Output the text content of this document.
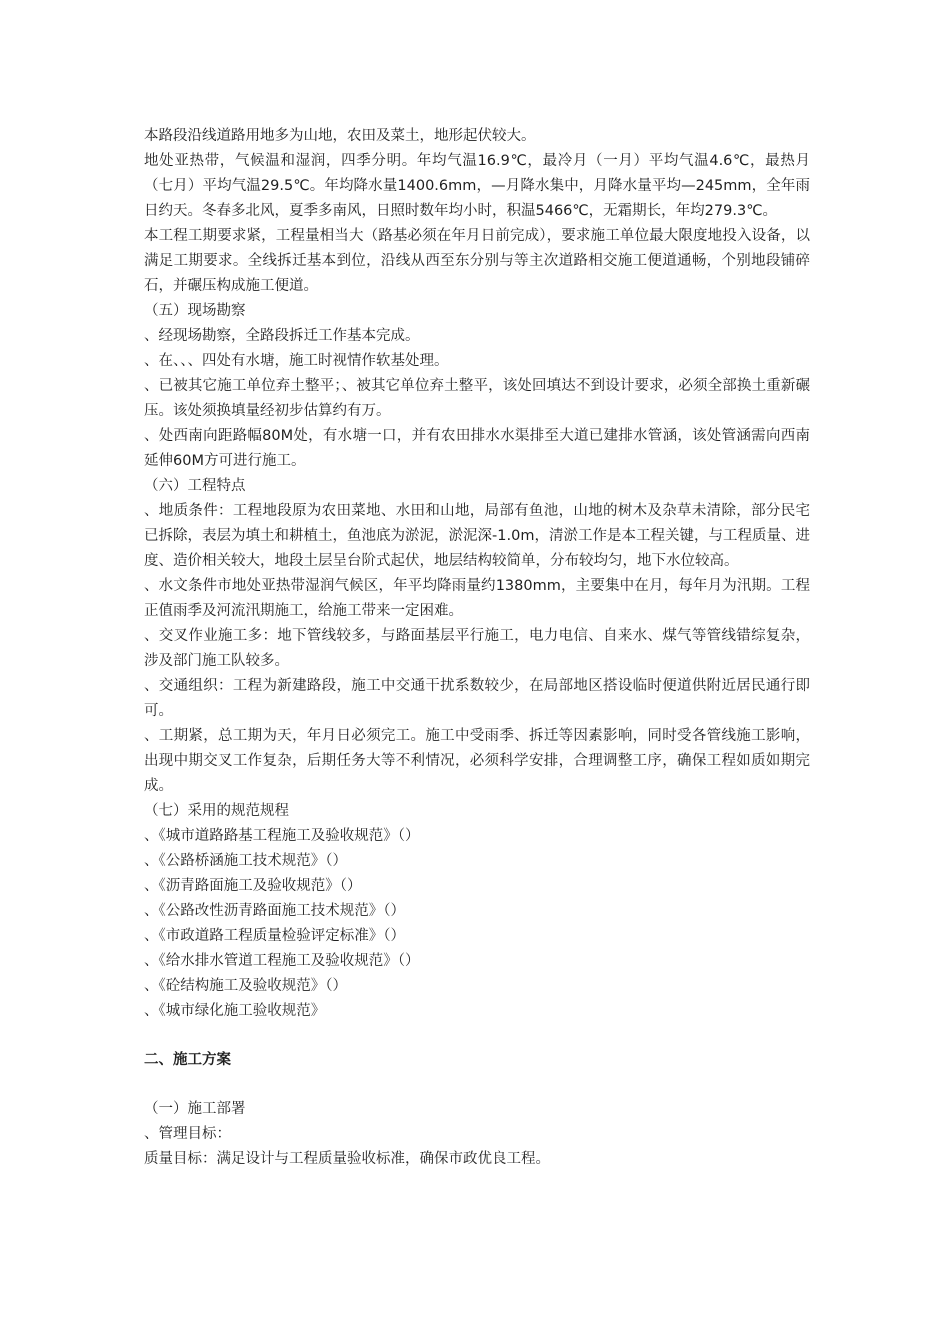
本路段沿线道路用地多为山地，农田及菜土，地形起伏较大。

地处亚热带，气候温和湿润，四季分明。年均气温16.9℃，最冷月（一月）平均气温4.6℃，最热月（七月）平均气温29.5℃。年均降水量1400.6mm，—月降水集中，月降水量平均—245mm，全年雨日约天。冬春多北风，夏季多南风，日照时数年均小时，积温5466℃，无霜期长，年均279.3℃。

本工程工期要求紧，工程量相当大（路基必须在年月日前完成），要求施工单位最大限度地投入设备，以满足工期要求。全线拆迁基本到位，沿线从西至东分别与等主次道路相交施工便道通畅，个别地段铺碎石，并碾压构成施工便道。

（五）现场勘察

、经现场勘察，全路段拆迁工作基本完成。

、在、、、四处有水塘，施工时视情作软基处理。

、已被其它施工单位弃土整平；、被其它单位弃土整平，该处回填达不到设计要求，必须全部换土重新碾压。该处须换填量经初步估算约有万。

、处西南向距路幅80M处，有水塘一口，并有农田排水水渠排至大道已建排水管涵，该处管涵需向西南延伸60M方可进行施工。

（六）工程特点

、地质条件：工程地段原为农田菜地、水田和山地，局部有鱼池，山地的树木及杂草未清除，部分民宅已拆除，表层为填土和耕植土，鱼池底为淤泥，淤泥深-1.0m，清淤工作是本工程关键，与工程质量、进度、造价相关较大，地段土层呈台阶式起伏，地层结构较简单，分布较均匀，地下水位较高。

、水文条件市地处亚热带湿润气候区，年平均降雨量约1380mm，主要集中在月，每年月为汛期。工程正值雨季及河流汛期施工，给施工带来一定困难。

、交叉作业施工多：地下管线较多，与路面基层平行施工，电力电信、自来水、煤气等管线错综复杂，涉及部门施工队较多。

、交通组织：工程为新建路段，施工中交通干扰系数较少，在局部地区搭设临时便道供附近居民通行即可。

、工期紧，总工期为天，年月日必须完工。施工中受雨季、拆迁等因素影响，同时受各管线施工影响，出现中期交叉工作复杂，后期任务大等不利情况，必须科学安排，合理调整工序，确保工程如质如期完成。

（七）采用的规范规程

、《城市道路路基工程施工及验收规范》（）

、《公路桥涵施工技术规范》（）

、《沥青路面施工及验收规范》（）

、《公路改性沥青路面施工技术规范》（）

、《市政道路工程质量检验评定标准》（）

、《给水排水管道工程施工及验收规范》（）

、《砼结构施工及验收规范》（）

、《城市绿化施工验收规范》

二、施工方案

（一）施工部署

、管理目标：

质量目标：满足设计与工程质量验收标准，确保市政优良工程。
